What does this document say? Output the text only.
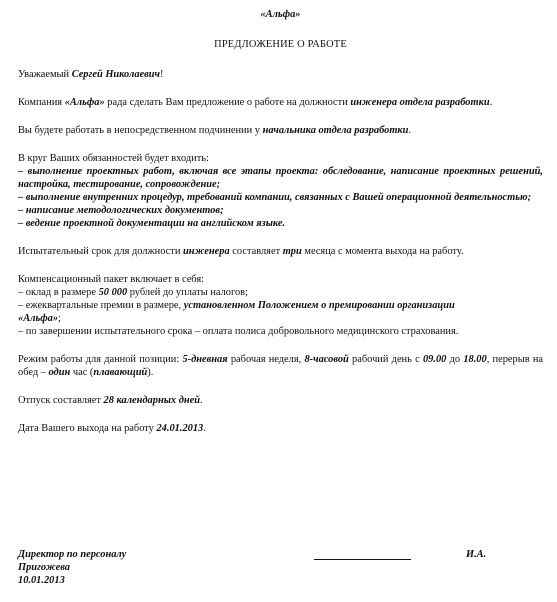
«Альфа»

ПРЕДЛОЖЕНИЕ О РАБОТЕ

Уважаемый Сергей Николаевич!

Компания «Альфа» рада сделать Вам предложение о работе на должности инженера отдела разработки.

Вы будете работать в непосредственном подчинении у начальника отдела разработки.

В круг Ваших обязанностей будет входить:

– выполнение проектных работ, включая все этапы проекта: обследование, написание проектных решений, настройка, тестирование, сопровождение;

– выполнение внутренних процедур, требований компании, связанных с Вашей операционной деятельностью;

– написание методологических документов;

– ведение проектной документации на английском языке.

Испытательный срок для должности инженера составляет три месяца с момента выхода на работу.

Компенсационный пакет включает в себя:

– оклад в размере 50 000 рублей до уплаты налогов;

– ежеквартальные премии в размере, установленном Положением о премировании организации
«Альфа»;

– по завершении испытательного срока – оплата полиса добровольного медицинского страхования.

Режим работы для данной позиции: 5-дневная рабочая неделя, 8-часовой рабочий день с 09.00 до 18.00, перерыв на обед – один час (плавающий).

Отпуск составляет 28 календарных дней.

Дата Вашего выхода на работу 24.01.2013.

Директор по персоналу
Пригожева
10.01.2013
И.А.
